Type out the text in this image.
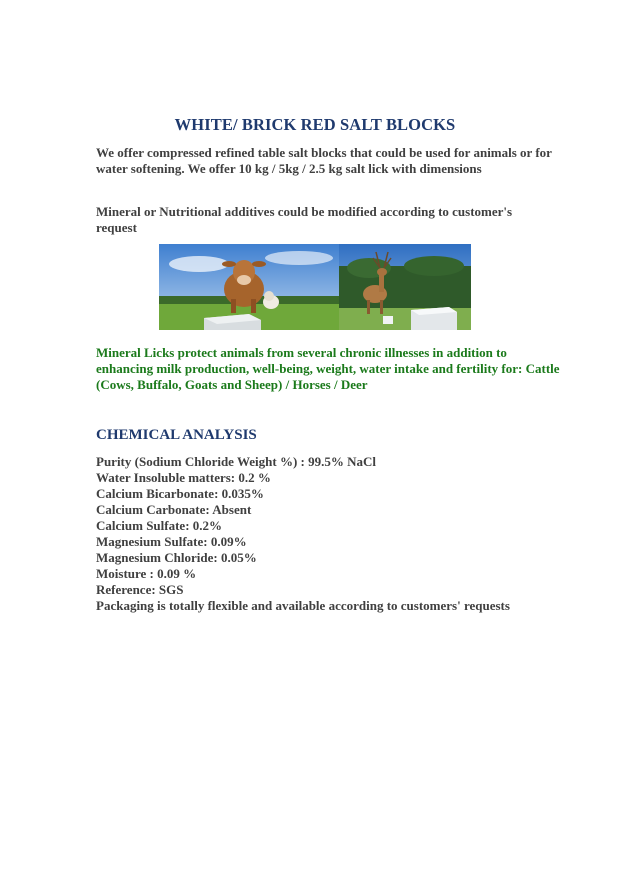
WHITE/ BRICK RED SALT BLOCKS

We offer compressed refined table salt blocks that could be used for animals or for water softening. We offer 10 kg / 5kg / 2.5 kg salt lick with dimensions

Mineral or Nutritional additives could be modified according to customer's request

Mineral Licks protect animals from several chronic illnesses in addition to enhancing milk production, well-being, weight, water intake and fertility for: Cattle (Cows, Buffalo, Goats and Sheep) / Horses / Deer

CHEMICAL ANALYSIS
Purity (Sodium Chloride Weight %) : 99.5% NaCl
Water Insoluble matters: 0.2 %
Calcium Bicarbonate: 0.035%
Calcium Carbonate: Absent
Calcium Sulfate: 0.2%
Magnesium Sulfate: 0.09%
Magnesium Chloride: 0.05%
Moisture : 0.09 %
Reference: SGS
Packaging is totally flexible and available according to customers' requests
